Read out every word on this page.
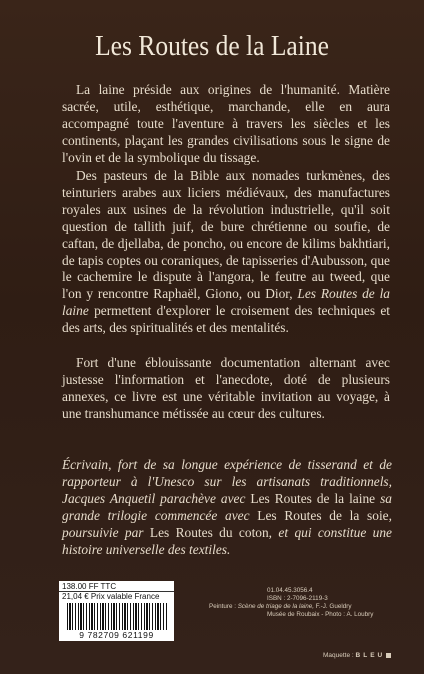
Les Routes de la Laine

La laine préside aux origines de l'humanité. Matière sacrée, utile, esthétique, marchande, elle en aura accompagné toute l'aventure à travers les siècles et les continents, plaçant les grandes civilisations sous le signe de l'ovin et de la symbolique du tissage.

Des pasteurs de la Bible aux nomades turkmènes, des teinturiers arabes aux liciers médiévaux, des manufactures royales aux usines de la révolution industrielle, qu'il soit question de tallith juif, de bure chrétienne ou soufie, de caftan, de djellaba, de poncho, ou encore de kilims bakhtiari, de tapis coptes ou coraniques, de tapisseries d'Aubusson, que le cachemire le dispute à l'angora, le feutre au tweed, que l'on y rencontre Raphaël, Giono, ou Dior, Les Routes de la laine permettent d'explorer le croisement des techniques et des arts, des spiritualités et des mentalités.

Fort d'une éblouissante documentation alternant avec justesse l'information et l'anecdote, doté de plusieurs annexes, ce livre est une véritable invitation au voyage, à une transhumance métissée au cœur des cultures.

Écrivain, fort de sa longue expérience de tisserand et de rapporteur à l'Unesco sur les artisanats traditionnels, Jacques Anquetil parachève avec Les Routes de la laine sa grande trilogie commencée avec Les Routes de la soie, poursuivie par Les Routes du coton, et qui constitue une histoire universelle des textiles.

138.00 FF TTC
21,04 € Prix valable France
9 782709 621199
01.04.45.3056.4
ISBN : 2-7096-2119-3
Peinture : Scène de triage de la laine, F.-J. Gueldry
Musée de Roubaix - Photo : A. Loubry
Maquette : BLEU
